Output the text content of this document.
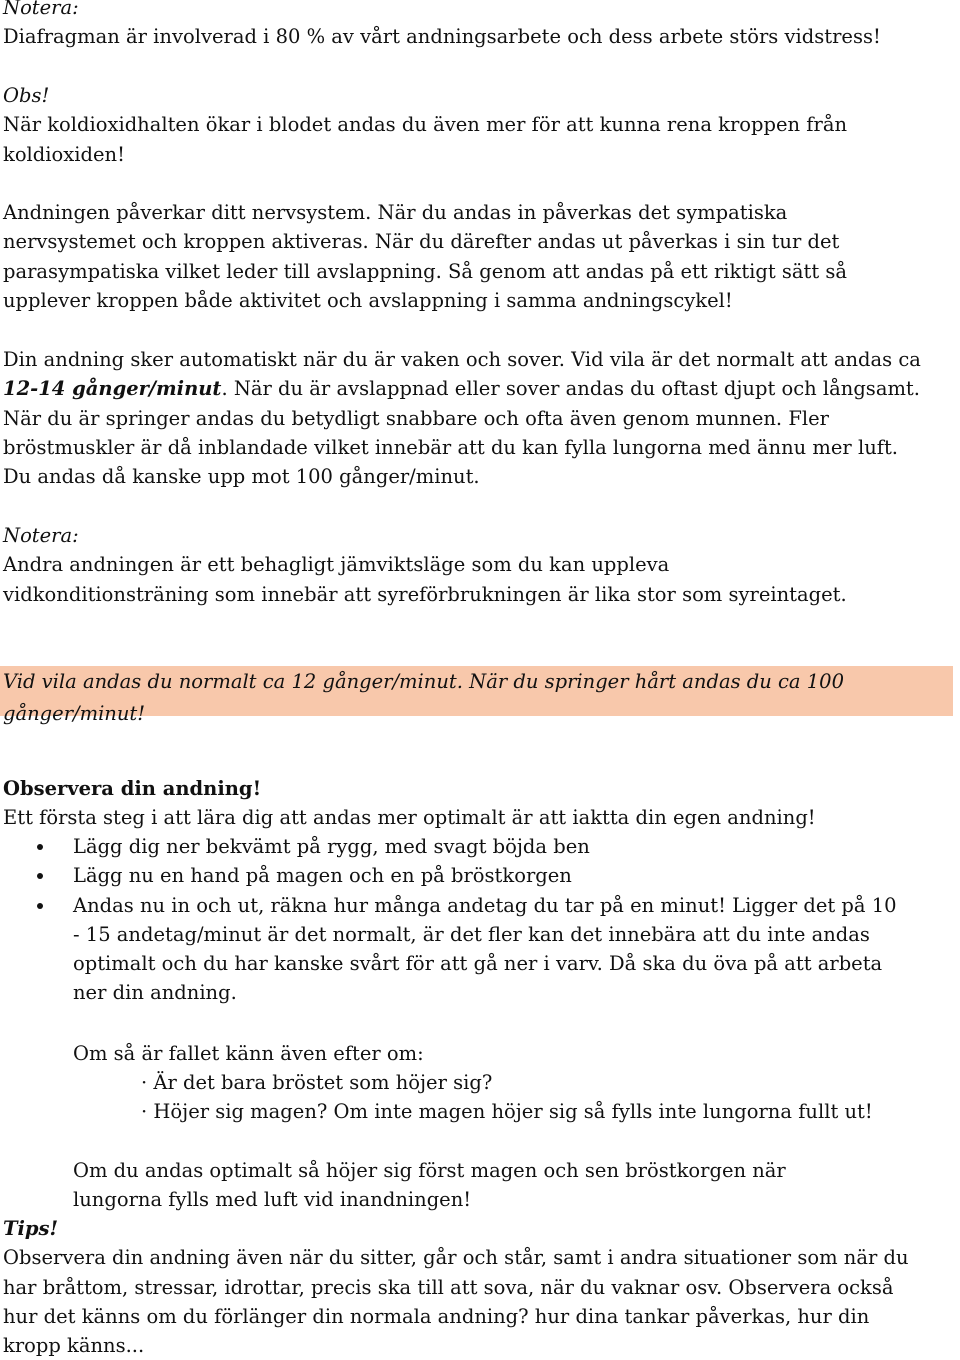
Notera:
Diafragman är involverad i 80 % av vårt andningsarbete och dess arbete störs vidstress!
Obs!
När koldioxidhalten ökar i blodet andas du även mer för att kunna rena kroppen från koldioxiden!
Andningen påverkar ditt nervsystem. När du andas in påverkas det sympatiska nervsystemet och kroppen aktiveras. När du därefter andas ut påverkas i sin tur det parasympatiska vilket leder till avslappning. Så genom att andas på ett riktigt sätt så upplever kroppen både aktivitet och avslappning i samma andningscykel!
Din andning sker automatiskt när du är vaken och sover. Vid vila är det normalt att andas ca 12-14 gånger/minut. När du är avslappnad eller sover andas du oftast djupt och långsamt. När du är springer andas du betydligt snabbare och ofta även genom munnen. Fler bröstmuskler är då inblandade vilket innebär att du kan fylla lungorna med ännu mer luft. Du andas då kanske upp mot 100 gånger/minut.
Notera:
Andra andningen är ett behagligt jämviktsläge som du kan uppleva vidkonditionsträning som innebär att syreförbrukningen är lika stor som syreintaget.

Vid vila andas du normalt ca 12 gånger/minut. När du springer hårt andas du ca 100 gånger/minut!

Observera din andning!
Ett första steg i att lära dig att andas mer optimalt är att iaktta din egen andning!
Lägg dig ner bekvämt på rygg, med svagt böjda ben
Lägg nu en hand på magen och en på bröstkorgen
Andas nu in och ut, räkna hur många andetag du tar på en minut! Ligger det på 10 - 15 andetag/minut är det normalt, är det fler kan det innebära att du inte andas optimalt och du har kanske svårt för att gå ner i varv. Då ska du öva på att arbeta ner din andning.
Om så är fallet känn även efter om:
· Är det bara bröstet som höjer sig?
· Höjer sig magen? Om inte magen höjer sig så fylls inte lungorna fullt ut!
Om du andas optimalt så höjer sig först magen och sen bröstkorgen när lungorna fylls med luft vid inandningen!
Tips!
Observera din andning även när du sitter, går och står, samt i andra situationer som när du har bråttom, stressar, idrottar, precis ska till att sova, när du vaknar osv. Observera också hur det känns om du förlänger din normala andning? hur dina tankar påverkas, hur din kropp känns...
